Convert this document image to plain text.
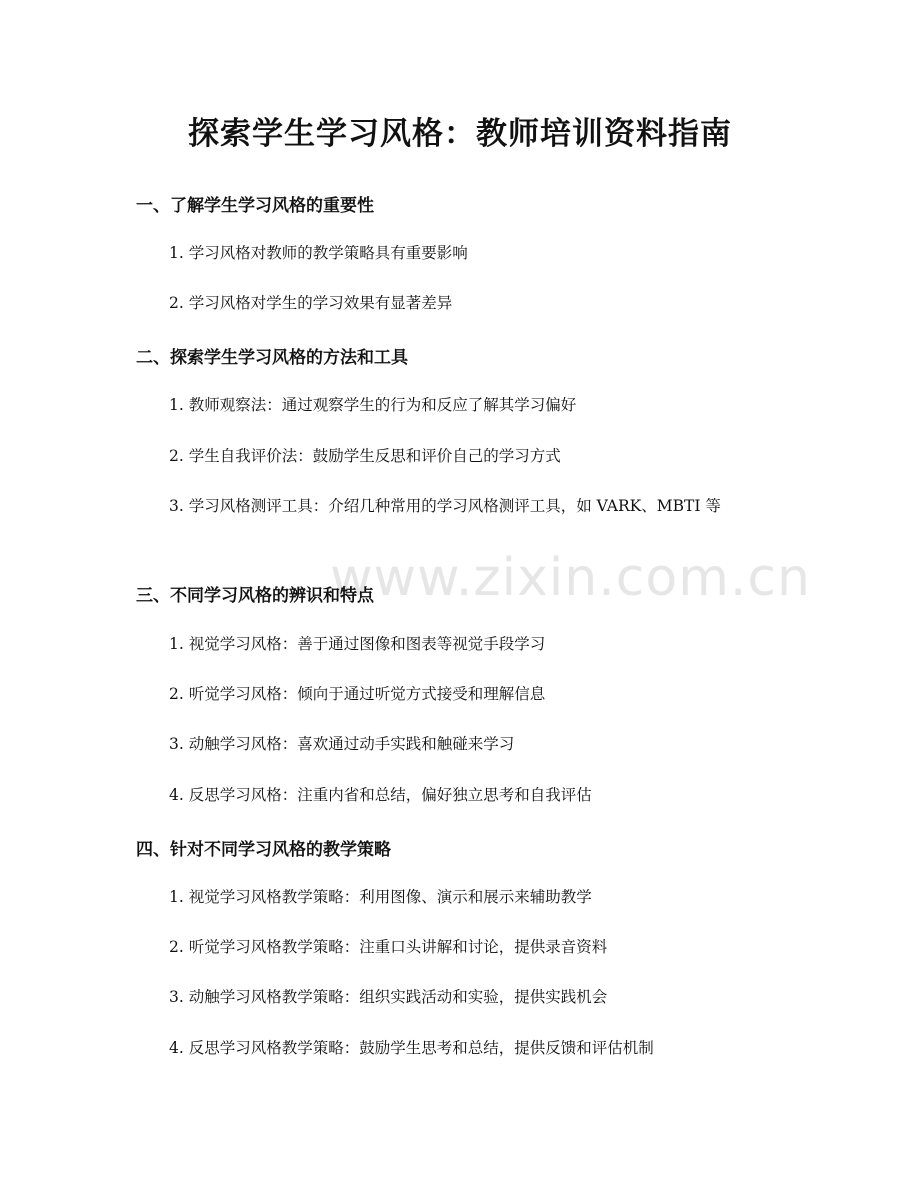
www.zixin.com.cn
探索学生学习风格：教师培训资料指南
一、了解学生学习风格的重要性

1. 学习风格对教师的教学策略具有重要影响

2. 学习风格对学生的学习效果有显著差异

二、探索学生学习风格的方法和工具

1. 教师观察法：通过观察学生的行为和反应了解其学习偏好

2. 学生自我评价法：鼓励学生反思和评价自己的学习方式

3. 学习风格测评工具：介绍几种常用的学习风格测评工具，如 VARK、MBTI 等

三、不同学习风格的辨识和特点

1. 视觉学习风格：善于通过图像和图表等视觉手段学习

2. 听觉学习风格：倾向于通过听觉方式接受和理解信息

3. 动触学习风格：喜欢通过动手实践和触碰来学习

4. 反思学习风格：注重内省和总结，偏好独立思考和自我评估

四、针对不同学习风格的教学策略

1. 视觉学习风格教学策略：利用图像、演示和展示来辅助教学

2. 听觉学习风格教学策略：注重口头讲解和讨论，提供录音资料

3. 动触学习风格教学策略：组织实践活动和实验，提供实践机会

4. 反思学习风格教学策略：鼓励学生思考和总结，提供反馈和评估机制
